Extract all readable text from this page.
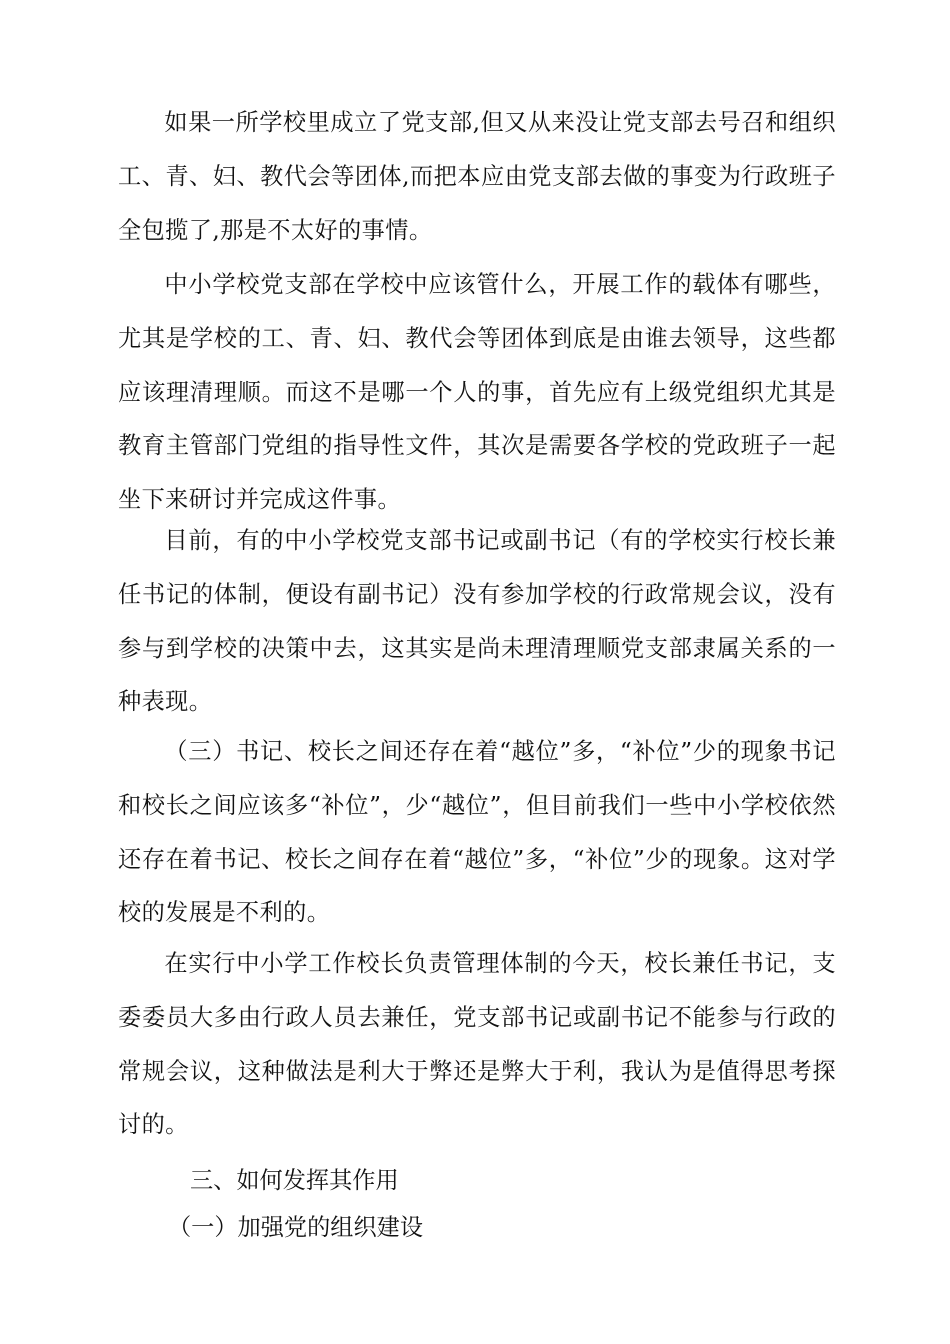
如果一所学校里成立了党支部,但又从来没让党支部去号召和组织工、青、妇、教代会等团体,而把本应由党支部去做的事变为行政班子全包揽了,那是不太好的事情。

中小学校党支部在学校中应该管什么，开展工作的载体有哪些，尤其是学校的工、青、妇、教代会等团体到底是由谁去领导，这些都应该理清理顺。而这不是哪一个人的事，首先应有上级党组织尤其是教育主管部门党组的指导性文件，其次是需要各学校的党政班子一起坐下来研讨并完成这件事。

目前，有的中小学校党支部书记或副书记（有的学校实行校长兼任书记的体制，便设有副书记）没有参加学校的行政常规会议，没有参与到学校的决策中去，这其实是尚未理清理顺党支部隶属关系的一种表现。

（三）书记、校长之间还存在着“越位”多，“补位”少的现象书记和校长之间应该多“补位”，少“越位”，但目前我们一些中小学校依然还存在着书记、校长之间存在着“越位”多，“补位”少的现象。这对学校的发展是不利的。

在实行中小学工作校长负责管理体制的今天，校长兼任书记，支委委员大多由行政人员去兼任，党支部书记或副书记不能参与行政的常规会议，这种做法是利大于弊还是弊大于利，我认为是值得思考探讨的。

三、如何发挥其作用

（一）加强党的组织建设
